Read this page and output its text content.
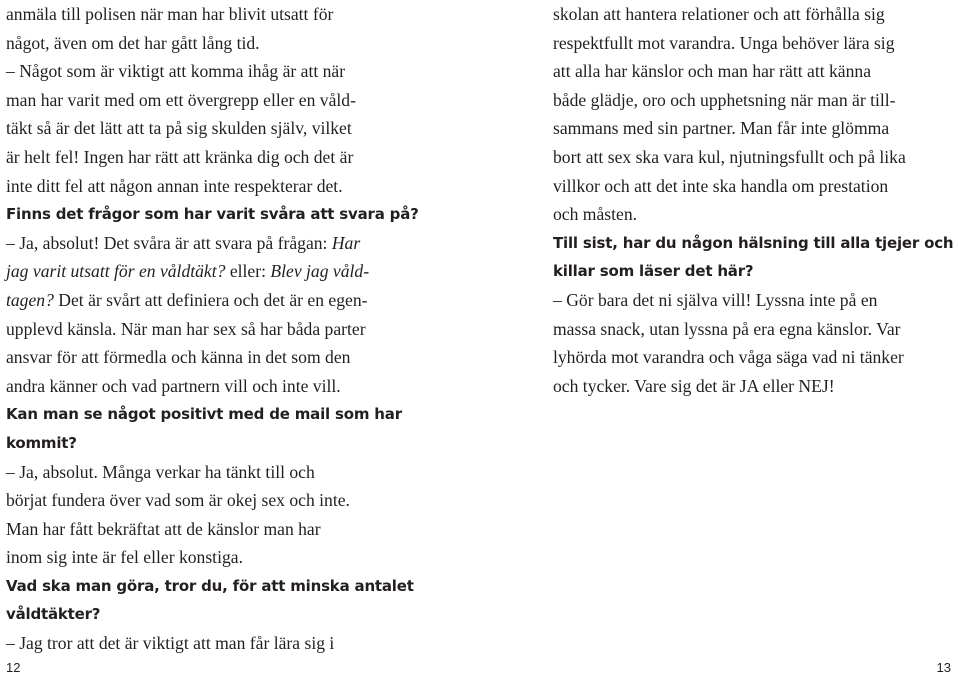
anmäla till polisen när man har blivit utsatt för
något, även om det har gått lång tid.
– Något som är viktigt att komma ihåg är att när
man har varit med om ett övergrepp eller en våld-
täkt så är det lätt att ta på sig skulden själv, vilket
är helt fel! Ingen har rätt att kränka dig och det är
inte ditt fel att någon annan inte respekterar det.
Finns det frågor som har varit svåra att svara på?
– Ja, absolut! Det svåra är att svara på frågan: Har
jag varit utsatt för en våldtäkt? eller: Blev jag våld-
tagen? Det är svårt att definiera och det är en egen-
upplevd känsla. När man har sex så har båda parter
ansvar för att förmedla och känna in det som den
andra känner och vad partnern vill och inte vill.
Kan man se något positivt med de mail som har
kommit?
– Ja, absolut. Många verkar ha tänkt till och
börjat fundera över vad som är okej sex och inte.
Man har fått bekräftat att de känslor man har
inom sig inte är fel eller konstiga.
Vad ska man göra, tror du, för att minska antalet
våldtäkter?
– Jag tror att det är viktigt att man får lära sig i
skolan att hantera relationer och att förhålla sig
respektfullt mot varandra. Unga behöver lära sig
att alla har känslor och man har rätt att känna
både glädje, oro och upphetsning när man är till-
sammans med sin partner. Man får inte glömma
bort att sex ska vara kul, njutningsfullt och på lika
villkor och att det inte ska handla om prestation
och måsten.
Till sist, har du någon hälsning till alla tjejer och
killar som läser det här?
– Gör bara det ni själva vill! Lyssna inte på en
massa snack, utan lyssna på era egna känslor. Var
lyhörda mot varandra och våga säga vad ni tänker
och tycker. Vare sig det är JA eller NEJ!
12	13
